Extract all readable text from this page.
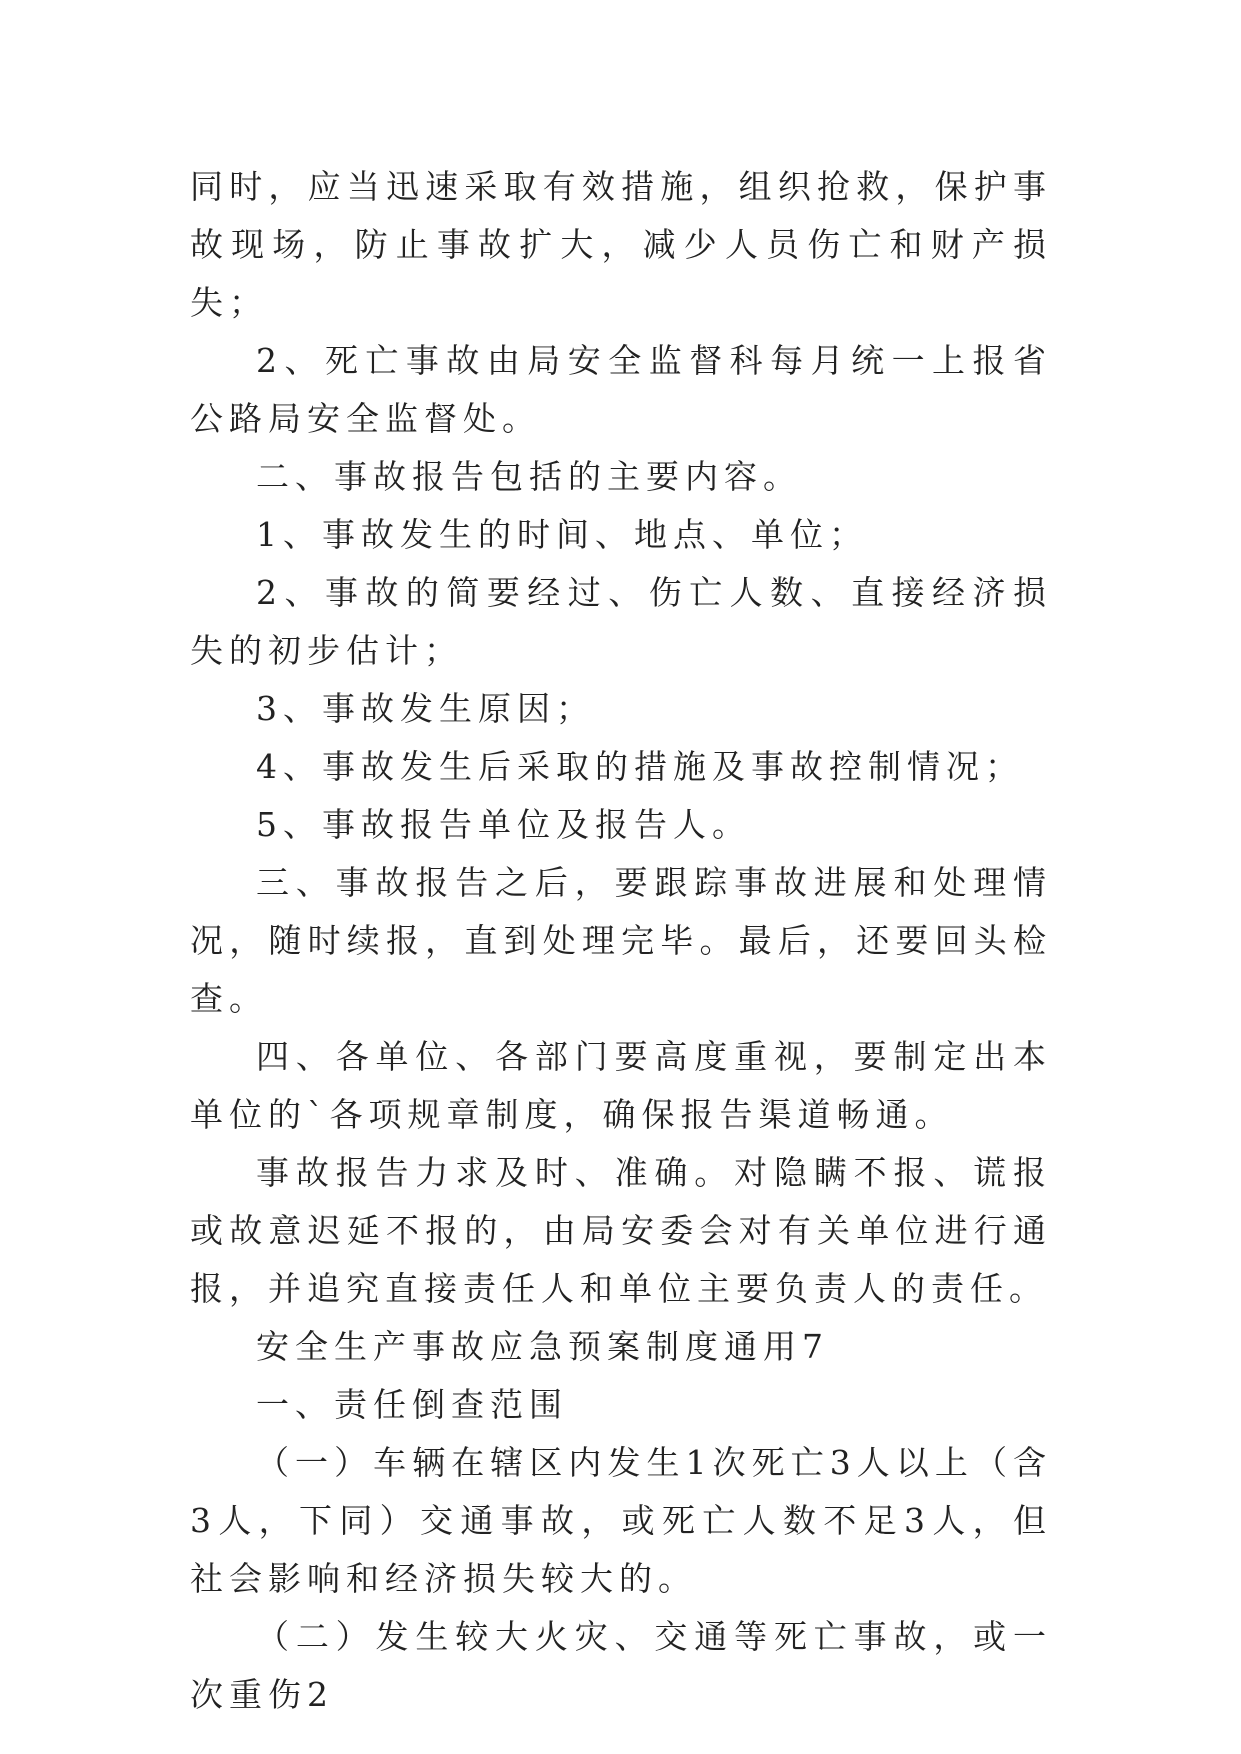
同时，应当迅速采取有效措施，组织抢救，保护事故现场，防止事故扩大，减少人员伤亡和财产损失；

2、死亡事故由局安全监督科每月统一上报省公路局安全监督处。

二、事故报告包括的主要内容。

1、事故发生的时间、地点、单位；

2、事故的简要经过、伤亡人数、直接经济损失的初步估计；

3、事故发生原因；

4、事故发生后采取的措施及事故控制情况；

5、事故报告单位及报告人。

三、事故报告之后，要跟踪事故进展和处理情况，随时续报，直到处理完毕。最后，还要回头检查。

四、各单位、各部门要高度重视，要制定出本单位的`各项规章制度，确保报告渠道畅通。

事故报告力求及时、准确。对隐瞒不报、谎报或故意迟延不报的，由局安委会对有关单位进行通报，并追究直接责任人和单位主要负责人的责任。

安全生产事故应急预案制度通用7

一、责任倒查范围

（一）车辆在辖区内发生1次死亡3人以上（含3人，下同）交通事故，或死亡人数不足3人，但社会影响和经济损失较大的。

（二）发生较大火灾、交通等死亡事故，或一次重伤2
